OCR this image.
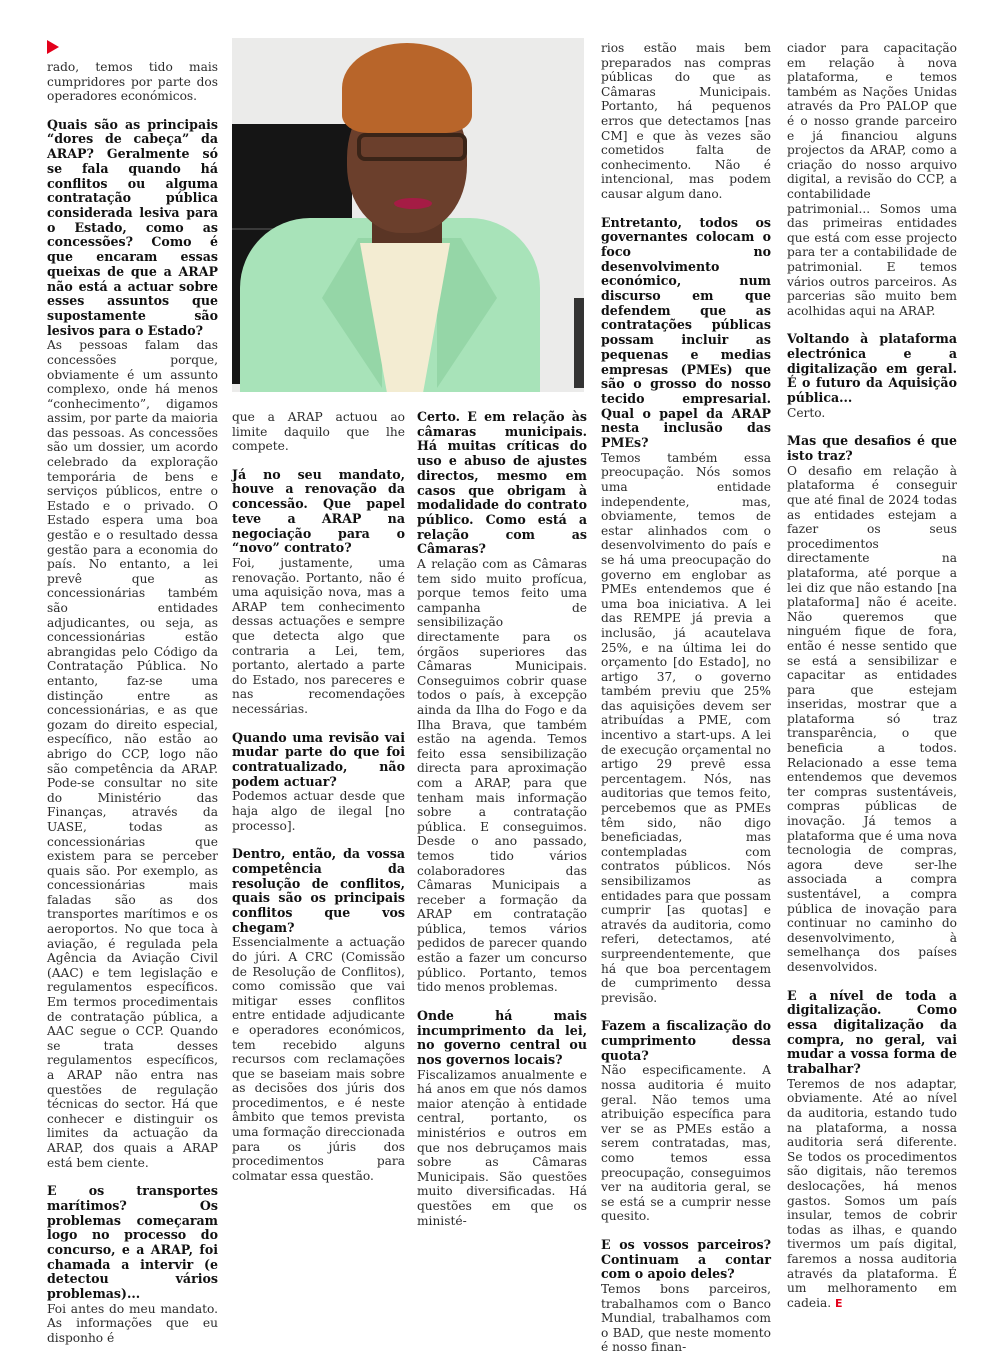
rado, temos tido mais cumpridores por parte dos operadores económicos.

Quais são as principais “dores de cabeça” da ARAP? Geralmente só se fala quando há conflitos ou alguma contratação pública considerada lesiva para o Estado, como as concessões? Como é que encaram essas queixas de que a ARAP não está a actuar sobre esses assuntos que supostamente são lesivos para o Estado?

As pessoas falam das concessões porque, obviamente é um assunto complexo, onde há menos “conhecimento”, digamos assim, por parte da maioria das pessoas. As concessões são um dossier, um acordo celebrado da exploração temporária de bens e serviços públicos, entre o Estado e o privado. O Estado espera uma boa gestão e o resultado dessa gestão para a economia do país. No entanto, a lei prevê que as concessionárias também são entidades adjudicantes, ou seja, as concessionárias estão abrangidas pelo Código da Contratação Pública. No entanto, faz-se uma distinção entre as concessionárias, e as que gozam do direito especial, específico, não estão ao abrigo do CCP, logo não são competência da ARAP. Pode-se consultar no site do Ministério das Finanças, através da UASE, todas as concessionárias que existem para se perceber quais são. Por exemplo, as concessionárias mais faladas são as dos transportes marítimos e os aeroportos. No que toca à aviação, é regulada pela Agência da Aviação Civil (AAC) e tem legislação e regulamentos específicos. Em termos procedimentais de contratação pública, a AAC segue o CCP. Quando se trata desses regulamentos específicos, a ARAP não entra nas questões de regulação técnicas do sector. Há que conhecer e distinguir os limites da actuação da ARAP, dos quais a ARAP está bem ciente.

E os transportes marítimos? Os problemas começaram logo no processo do concurso, e a ARAP, foi chamada a intervir (e detectou vários problemas)...

Foi antes do meu mandato. As informações que eu disponho é

que a ARAP actuou ao limite daquilo que lhe compete.

Já no seu mandato, houve a renovação da concessão. Que papel teve a ARAP na negociação para o “novo” contrato?

Foi, justamente, uma renovação. Portanto, não é uma aquisição nova, mas a ARAP tem conhecimento dessas actuações e sempre que detecta algo que contraria a Lei, tem, portanto, alertado a parte do Estado, nos pareceres e nas recomendações necessárias.

Quando uma revisão vai mudar parte do que foi contratualizado, não podem actuar?

Podemos actuar desde que haja algo de ilegal [no processo].

Dentro, então, da vossa competência da resolução de conflitos, quais são os principais conflitos que vos chegam?

Essencialmente a actuação do júri. A CRC (Comissão de Resolução de Conflitos), como comissão que vai mitigar esses conflitos entre entidade adjudicante e operadores económicos, tem recebido alguns recursos com reclamações que se baseiam mais sobre as decisões dos júris dos procedimentos, e é neste âmbito que temos prevista uma formação direccionada para os júris dos procedimentos para colmatar essa questão.

Certo. E em relação às câmaras municipais. Há muitas críticas do uso e abuso de ajustes directos, mesmo em casos que obrigam à modalidade do contrato público. Como está a relação com as Câmaras?

A relação com as Câmaras tem sido muito profícua, porque temos feito uma campanha de sensibilização directamente para os órgãos superiores das Câmaras Municipais. Conseguimos cobrir quase todos o país, à excepção ainda da Ilha do Fogo e da Ilha Brava, que também estão na agenda. Temos feito essa sensibilização directa para aproximação com a ARAP, para que tenham mais informação sobre a contratação pública. E conseguimos. Desde o ano passado, temos tido vários colaboradores das Câmaras Municipais a receber a formação da ARAP em contratação pública, temos vários pedidos de parecer quando estão a fazer um concurso público. Portanto, temos tido menos problemas.

Onde há mais incumprimento da lei, no governo central ou nos governos locais?

Fiscalizamos anualmente e há anos em que nós damos maior atenção à entidade central, portanto, os ministérios e outros em que nos debruçamos mais sobre as Câmaras Municipais. São questões muito diversificadas. Há questões em que os ministé-

rios estão mais bem preparados nas compras públicas do que as Câmaras Municipais. Portanto, há pequenos erros que detectamos [nas CM] e que às vezes são cometidos falta de conhecimento. Não é intencional, mas podem causar algum dano.

Entretanto, todos os governantes colocam o foco no desenvolvimento económico, num discurso em que defendem que as contratações públicas possam incluir as pequenas e medias empresas (PMEs) que são o grosso do nosso tecido empresarial. Qual o papel da ARAP nesta inclusão das PMEs?

Temos também essa preocupação. Nós somos uma entidade independente, mas, obviamente, temos de estar alinhados com o desenvolvimento do país e se há uma preocupação do governo em englobar as PMEs entendemos que é uma boa iniciativa. A lei das REMPE já previa a inclusão, já acautelava 25%, e na última lei do orçamento [do Estado], no artigo 37, o governo também previu que 25% das aquisições devem ser atribuídas a PME, com incentivo a start-ups. A lei de execução orçamental no artigo 29 prevê essa percentagem. Nós, nas auditorias que temos feito, percebemos que as PMEs têm sido, não digo beneficiadas, mas contempladas com contratos públicos. Nós sensibilizamos as entidades para que possam cumprir [as quotas] e através da auditoria, como referi, detectamos, até surpreendentemente, que há que boa percentagem de cumprimento dessa previsão.

Fazem a fiscalização do cumprimento dessa quota?

Não especificamente. A nossa auditoria é muito geral. Não temos uma atribuição específica para ver se as PMEs estão a serem contratadas, mas, como temos essa preocupação, conseguimos ver na auditoria geral, se se está se a cumprir nesse quesito.

E os vossos parceiros? Continuam a contar com o apoio deles?

Temos bons parceiros, trabalhamos com o Banco Mundial, trabalhamos com o BAD, que neste momento é nosso finan-

ciador para capacitação em relação à nova plataforma, e temos também as Nações Unidas através da Pro PALOP que é o nosso grande parceiro e já financiou alguns projectos da ARAP, como a criação do nosso arquivo digital, a revisão do CCP, a contabilidade patrimonial... Somos uma das primeiras entidades que está com esse projecto para ter a contabilidade de patrimonial. E temos vários outros parceiros. As parcerias são muito bem acolhidas aqui na ARAP.

Voltando à plataforma electrónica e a digitalização em geral. É o futuro da Aquisição pública...

Certo.

Mas que desafios é que isto traz?

O desafio em relação à plataforma é conseguir que até final de 2024 todas as entidades estejam a fazer os seus procedimentos directamente na plataforma, até porque a lei diz que não estando [na plataforma] não é aceite. Não queremos que ninguém fique de fora, então é nesse sentido que se está a sensibilizar e capacitar as entidades para que estejam inseridas, mostrar que a plataforma só traz transparência, o que beneficia a todos. Relacionado a esse tema entendemos que devemos ter compras sustentáveis, compras públicas de inovação. Já temos a plataforma que é uma nova tecnologia de compras, agora deve ser-lhe associada a compra sustentável, a compra pública de inovação para continuar no caminho do desenvolvimento, à semelhança dos países desenvolvidos.

E a nível de toda a digitalização. Como essa digitalização da compra, no geral, vai mudar a vossa forma de trabalhar?

Teremos de nos adaptar, obviamente. Até ao nível da auditoria, estando tudo na plataforma, a nossa auditoria será diferente. Se todos os procedimentos são digitais, não teremos deslocações, há menos gastos. Somos um país insular, temos de cobrir todas as ilhas, e quando tivermos um país digital, faremos a nossa auditoria através da plataforma. É um melhoramento em cadeia. E
